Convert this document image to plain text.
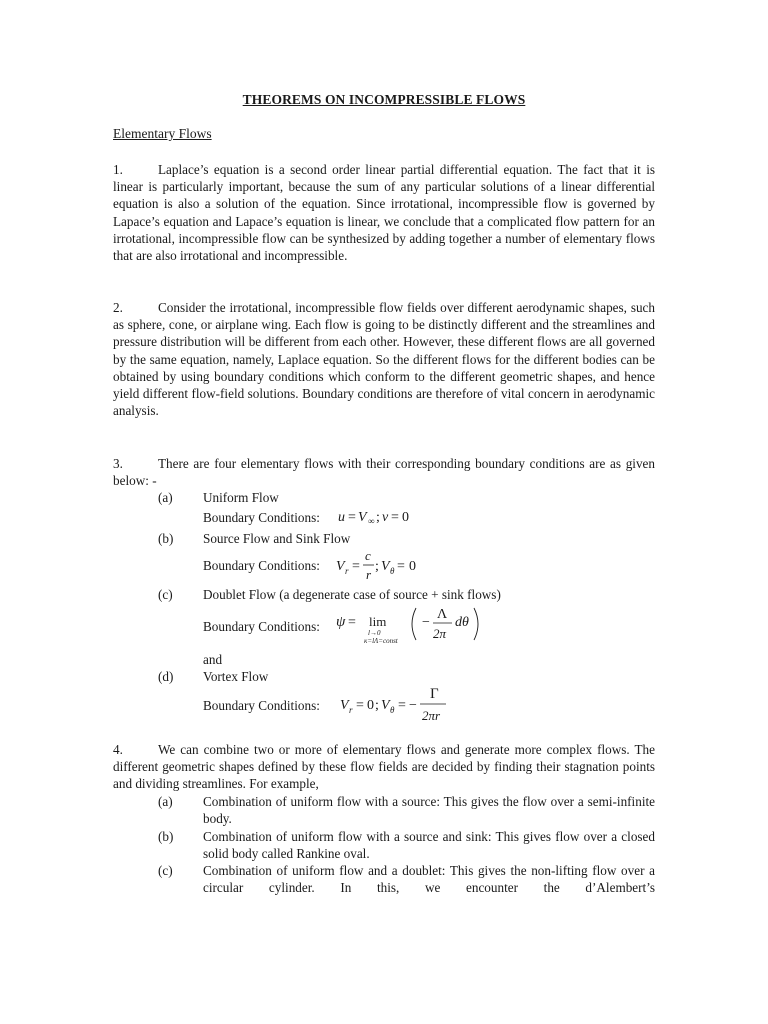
THEOREMS ON INCOMPRESSIBLE FLOWS
Elementary Flows

1.	Laplace’s equation is a second order linear partial differential equation. The fact that it is linear is particularly important, because the sum of any particular solutions of a linear differential equation is also a solution of the equation. Since irrotational, incompressible flow is governed by Lapace’s equation and Lapace’s equation is linear, we conclude that a complicated flow pattern for an irrotational, incompressible flow can be synthesized by adding together a number of elementary flows that are also irrotational and incompressible.

2.	Consider the irrotational, incompressible flow fields over different aerodynamic shapes, such as sphere, cone, or airplane wing. Each flow is going to be distinctly different and the streamlines and pressure distribution will be different from each other. However, these different flows are all governed by the same equation, namely, Laplace equation. So the different flows for the different bodies can be obtained by using boundary conditions which conform to the different geometric shapes, and hence yield different flow-field solutions. Boundary conditions are therefore of vital concern in aerodynamic analysis.

3.	There are four elementary flows with their corresponding boundary conditions are as given below: -

(a) Uniform Flow
Boundary Conditions: u = V ∞ ; v = 0
(b) Source Flow and Sink Flow
Boundary Conditions: V r =
c
r
; V θ = 0
(c) Doublet Flow (a degenerate case of source + sink flows)
Boundary Conditions: ψ = lim
l→0
κ=lΛ=const
−
Λ
2π
dθ
and
(d) Vortex Flow
Boundary Conditions: V r = 0 ; V θ = −
Γ
2πr

4.	We can combine two or more of elementary flows and generate more complex flows. The different geometric shapes defined by these flow fields are decided by finding their stagnation points and dividing streamlines. For example,

(a) Combination of uniform flow with a source: This gives the flow over a semi-infinite body.

(b) Combination of uniform flow with a source and sink: This gives flow over a closed solid body called Rankine oval.

(c) Combination of uniform flow and a doublet: This gives the non-lifting flow over a circular cylinder. In this, we encounter the d’Alembert’s
